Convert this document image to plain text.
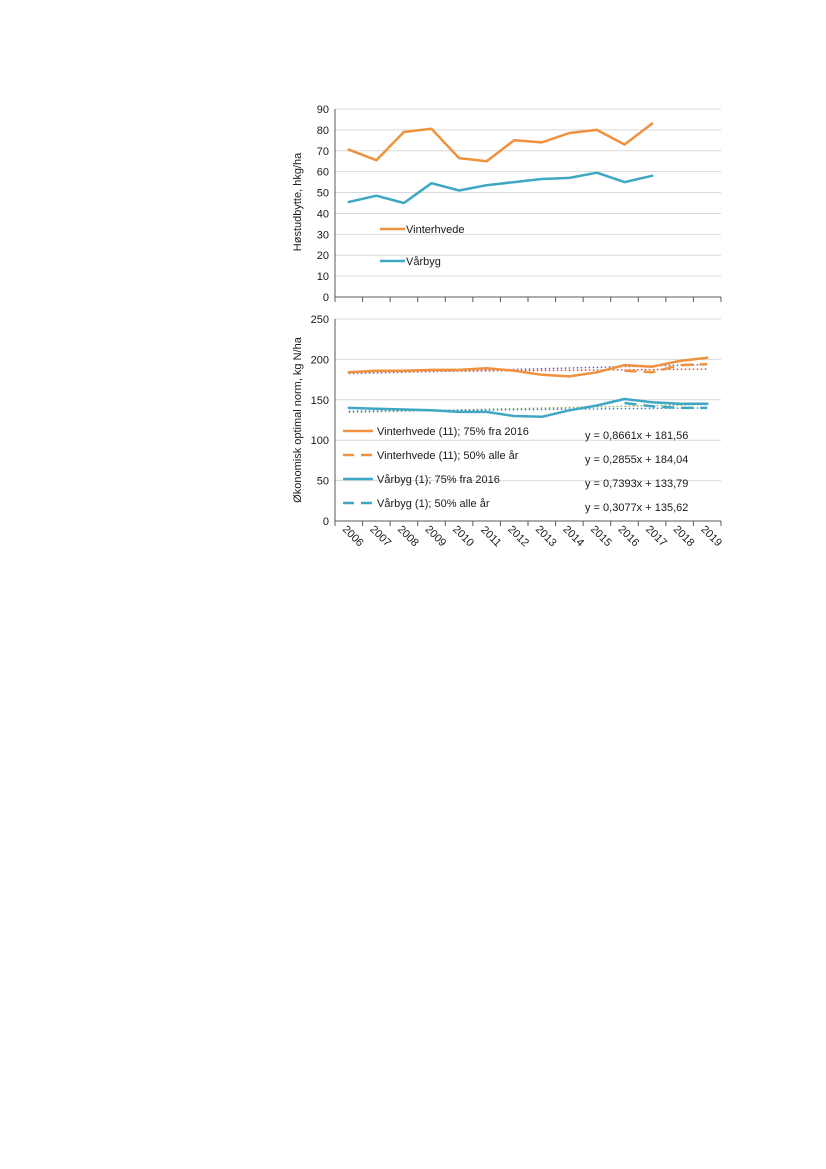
0
10
20
30
40
50
60
70
80
90
Vinterhvede
Vårbyg
Høstudbytte, hkg/ha
0
50
100
150
200
250
2006 2007 2008 2009 2010 2011 2012 2013 2014 2015 2016 2017 2018 2019
Vinterhvede (11); 75% fra 2016	y = 0,8661x + 181,56
Vinterhvede (11); 50% alle år	y = 0,2855x + 184,04
Vårbyg (1); 75% fra 2016	y = 0,7393x + 133,79
Vårbyg (1); 50% alle år	y = 0,3077x + 135,62
Økonomisk optimal norm, kg N/ha
